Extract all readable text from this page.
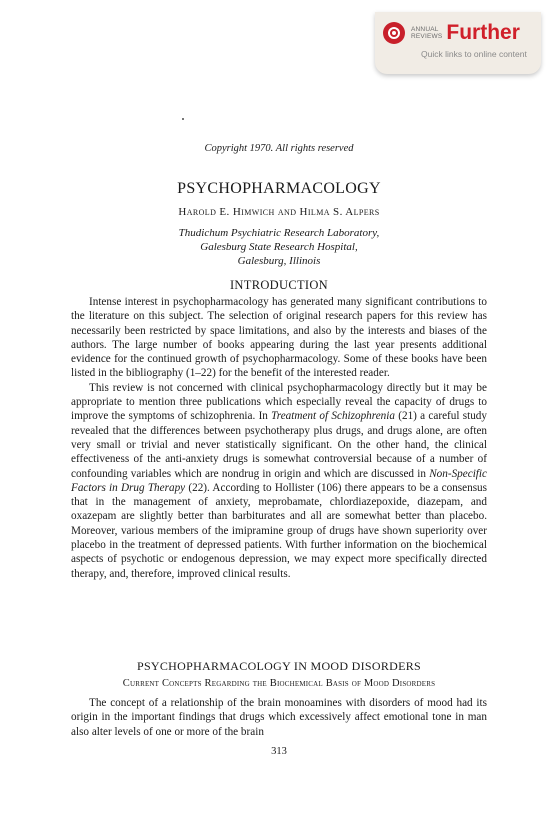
ANNUAL
REVIEWS Further
Quick links to online content
Copyright 1970. All rights reserved
PSYCHOPHARMACOLOGY
Harold E. Himwich and Hilma S. Alpers
Thudichum Psychiatric Research Laboratory,
Galesburg State Research Hospital,
Galesburg, Illinois
INTRODUCTION

Intense interest in psychopharmacology has generated many significant contributions to the literature on this subject. The selection of original research papers for this review has necessarily been restricted by space limitations, and also by the interests and biases of the authors. The large number of books appearing during the last year presents additional evidence for the continued growth of psychopharmacology. Some of these books have been listed in the bibliography (1–22) for the benefit of the interested reader.

This review is not concerned with clinical psychopharmacology directly but it may be appropriate to mention three publications which especially reveal the capacity of drugs to improve the symptoms of schizophrenia. In Treatment of Schizophrenia (21) a careful study revealed that the differences between psychotherapy plus drugs, and drugs alone, are often very small or trivial and never statistically significant. On the other hand, the clinical effectiveness of the anti-anxiety drugs is somewhat controversial because of a number of confounding variables which are nondrug in origin and which are discussed in Non-Specific Factors in Drug Therapy (22). According to Hollister (106) there appears to be a consensus that in the management of anxiety, meprobamate, chlordiazepoxide, diazepam, and oxazepam are slightly better than barbiturates and all are somewhat better than placebo. Moreover, various members of the imipramine group of drugs have shown superiority over placebo in the treatment of depressed patients. With further information on the biochemical aspects of psychotic or endogenous depression, we may expect more specifically directed therapy, and, therefore, improved clinical results.

PSYCHOPHARMACOLOGY IN MOOD DISORDERS
Current Concepts Regarding the Biochemical Basis of Mood Disorders

The concept of a relationship of the brain monoamines with disorders of mood had its origin in the important findings that drugs which excessively affect emotional tone in man also alter levels of one or more of the brain

313
